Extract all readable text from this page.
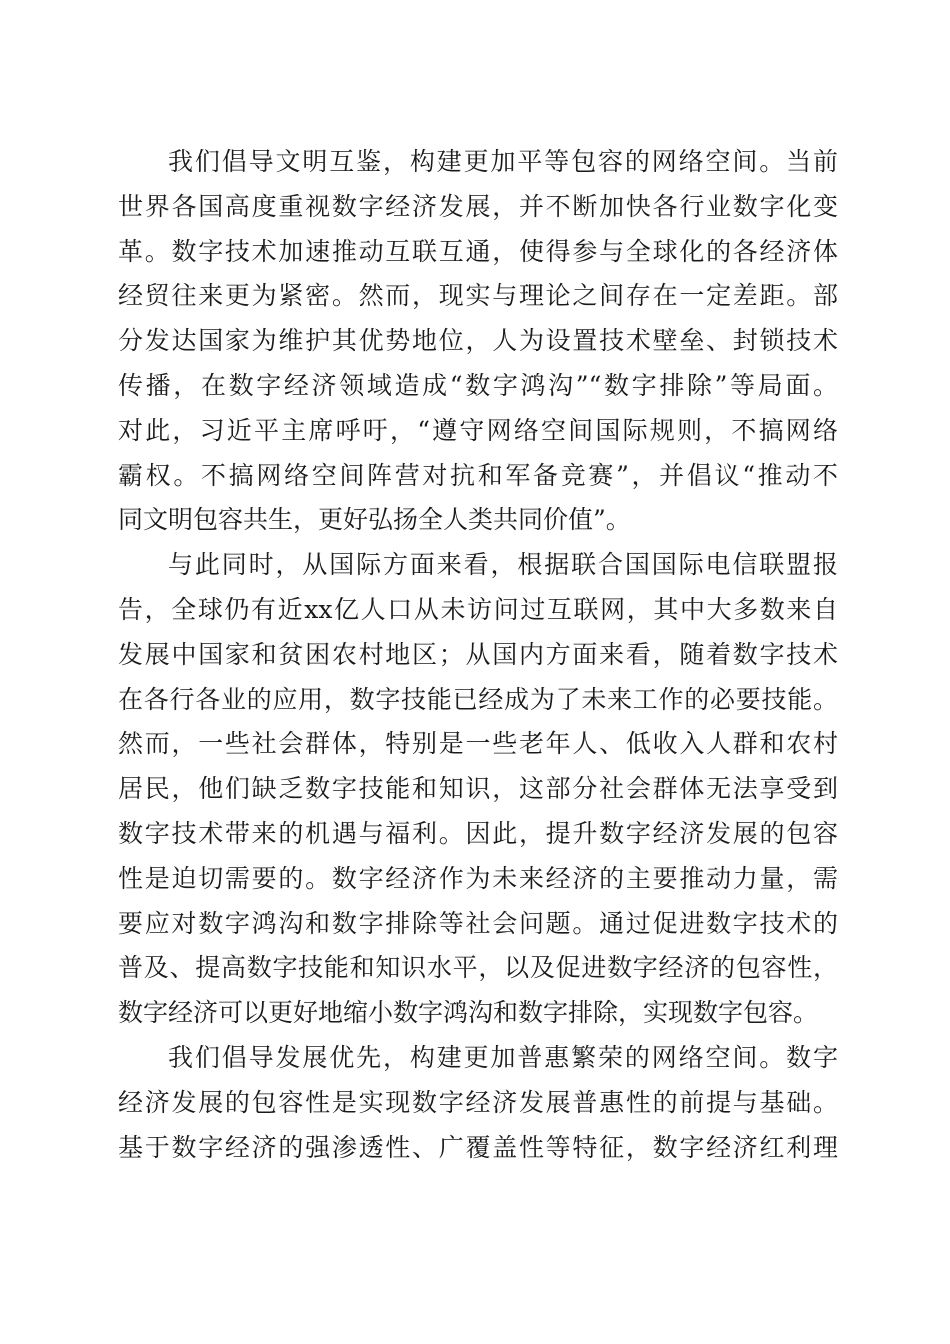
我们倡导文明互鉴，构建更加平等包容的网络空间。当前
世界各国高度重视数字经济发展，并不断加快各行业数字化变
革。数字技术加速推动互联互通，使得参与全球化的各经济体
经贸往来更为紧密。然而，现实与理论之间存在一定差距。部
分发达国家为维护其优势地位，人为设置技术壁垒、封锁技术
传播，在数字经济领域造成“数字鸿沟”“数字排除”等局面。
对此，习近平主席呼吁，“遵守网络空间国际规则，不搞网络
霸权。不搞网络空间阵营对抗和军备竞赛”，并倡议“推动不
同文明包容共生，更好弘扬全人类共同价值”。
与此同时，从国际方面来看，根据联合国国际电信联盟报
告，全球仍有近xx亿人口从未访问过互联网，其中大多数来自
发展中国家和贫困农村地区；从国内方面来看，随着数字技术
在各行各业的应用，数字技能已经成为了未来工作的必要技能。
然而，一些社会群体，特别是一些老年人、低收入人群和农村
居民，他们缺乏数字技能和知识，这部分社会群体无法享受到
数字技术带来的机遇与福利。因此，提升数字经济发展的包容
性是迫切需要的。数字经济作为未来经济的主要推动力量，需
要应对数字鸿沟和数字排除等社会问题。通过促进数字技术的
普及、提高数字技能和知识水平，以及促进数字经济的包容性，
数字经济可以更好地缩小数字鸿沟和数字排除，实现数字包容。
我们倡导发展优先，构建更加普惠繁荣的网络空间。数字
经济发展的包容性是实现数字经济发展普惠性的前提与基础。
基于数字经济的强渗透性、广覆盖性等特征，数字经济红利理
